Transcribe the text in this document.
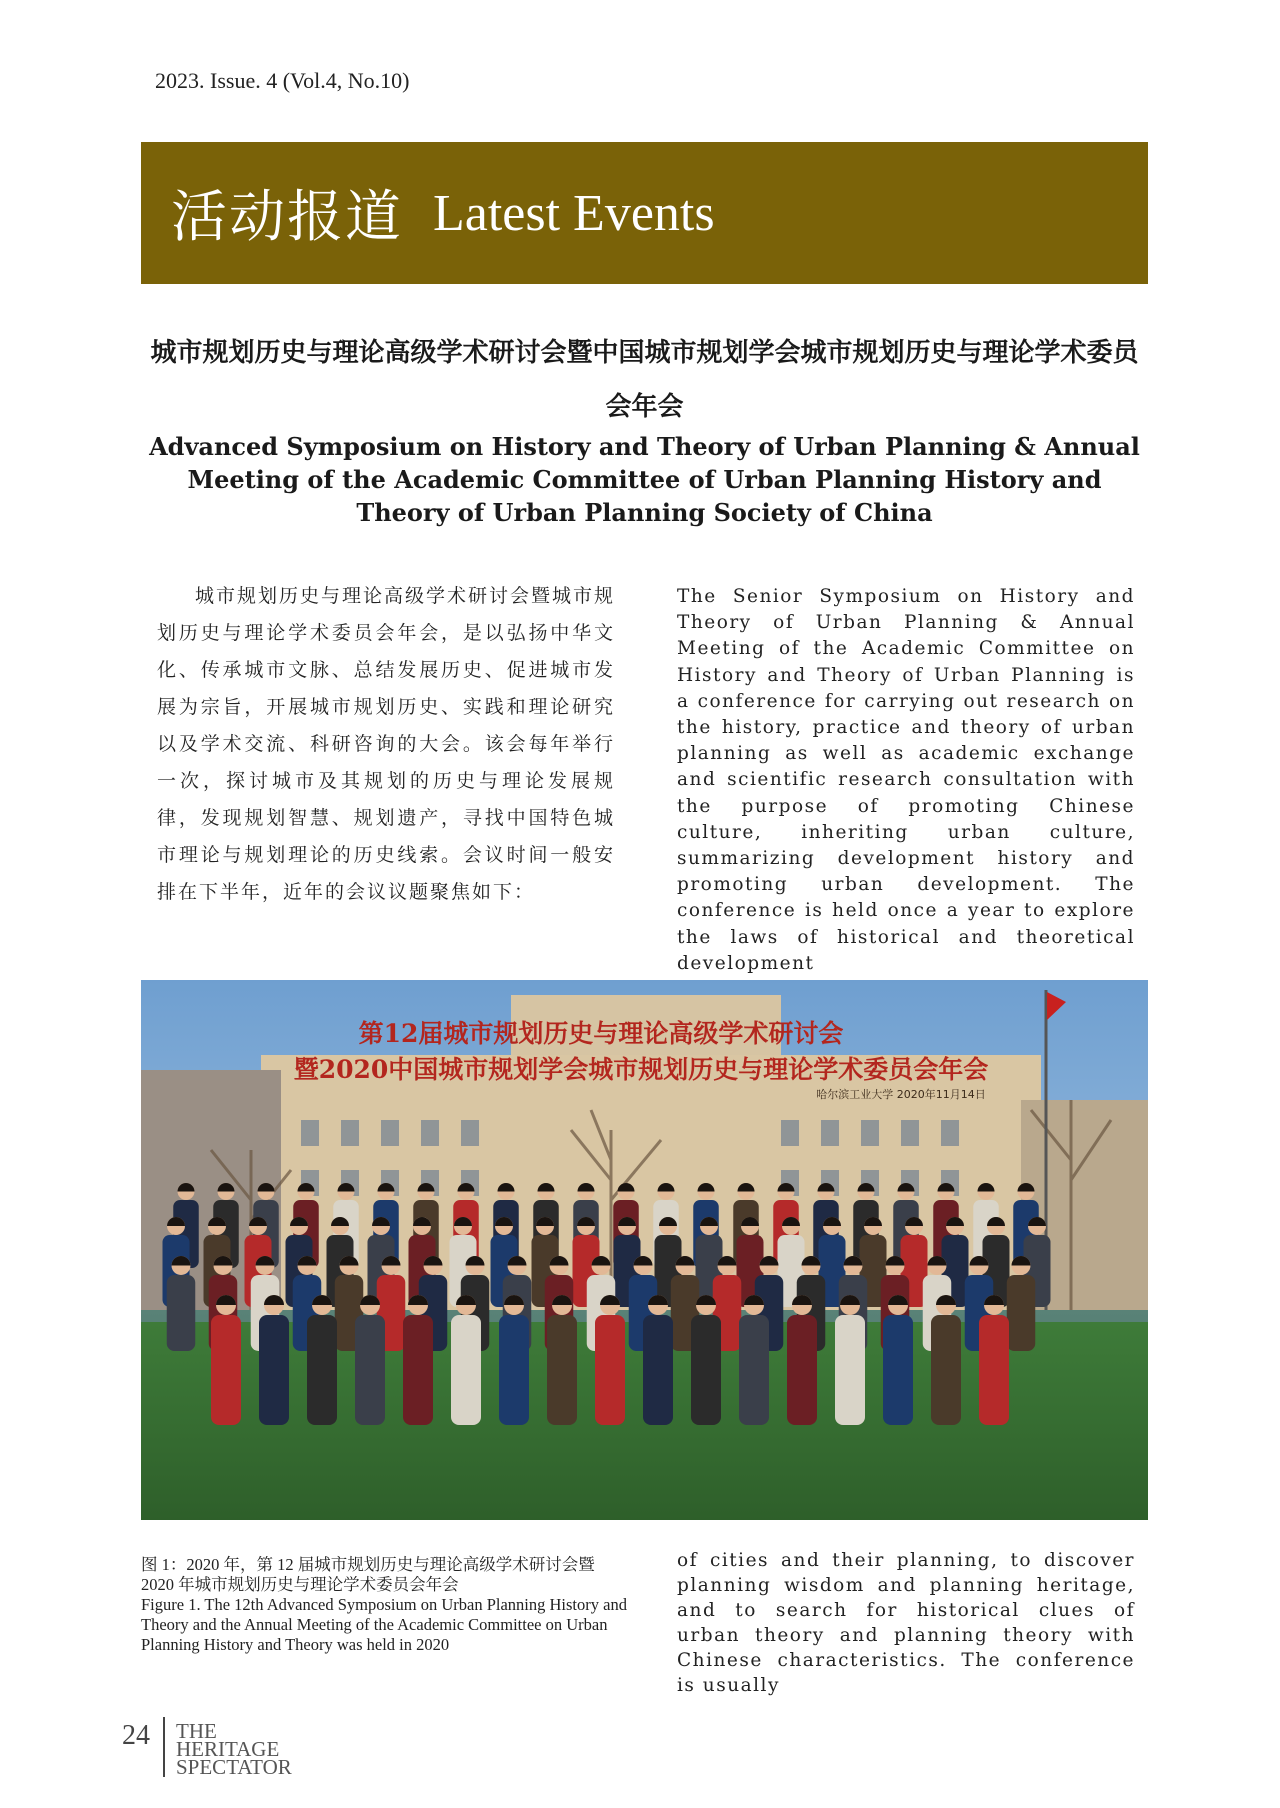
2023. Issue. 4 (Vol.4, No.10)
活动报道 Latest Events
城市规划历史与理论高级学术研讨会暨中国城市规划学会城市规划历史与理论学术委员会年会
Advanced Symposium on History and Theory of Urban Planning & Annual Meeting of the Academic Committee of Urban Planning History and Theory of Urban Planning Society of China
城市规划历史与理论高级学术研讨会暨城市规划历史与理论学术委员会年会，是以弘扬中华文化、传承城市文脉、总结发展历史、促进城市发展为宗旨，开展城市规划历史、实践和理论研究以及学术交流、科研咨询的大会。该会每年举行一次，探讨城市及其规划的历史与理论发展规律，发现规划智慧、规划遗产，寻找中国特色城市理论与规划理论的历史线索。会议时间一般安排在下半年，近年的会议议题聚焦如下：
The Senior Symposium on History and Theory of Urban Planning & Annual Meeting of the Academic Committee on History and Theory of Urban Planning is a conference for carrying out research on the history, practice and theory of urban planning as well as academic exchange and scientific research consultation with the purpose of promoting Chinese culture, inheriting urban culture, summarizing development history and promoting urban development. The conference is held once a year to explore the laws of historical and theoretical development
第12届城市规划历史与理论高级学术研讨会
暨2020中国城市规划学会城市规划历史与理论学术委员会年会
哈尔滨工业大学 2020年11月14日
图 1：2020 年，第 12 届城市规划历史与理论高级学术研讨会暨 2020 年城市规划历史与理论学术委员会年会
Figure 1. The 12th Advanced Symposium on Urban Planning History and Theory and the Annual Meeting of the Academic Committee on Urban Planning History and Theory was held in 2020
of cities and their planning, to discover planning wisdom and planning heritage, and to search for historical clues of urban theory and planning theory with Chinese characteristics. The conference is usually
24 THE
HERITAGE
SPECTATOR
